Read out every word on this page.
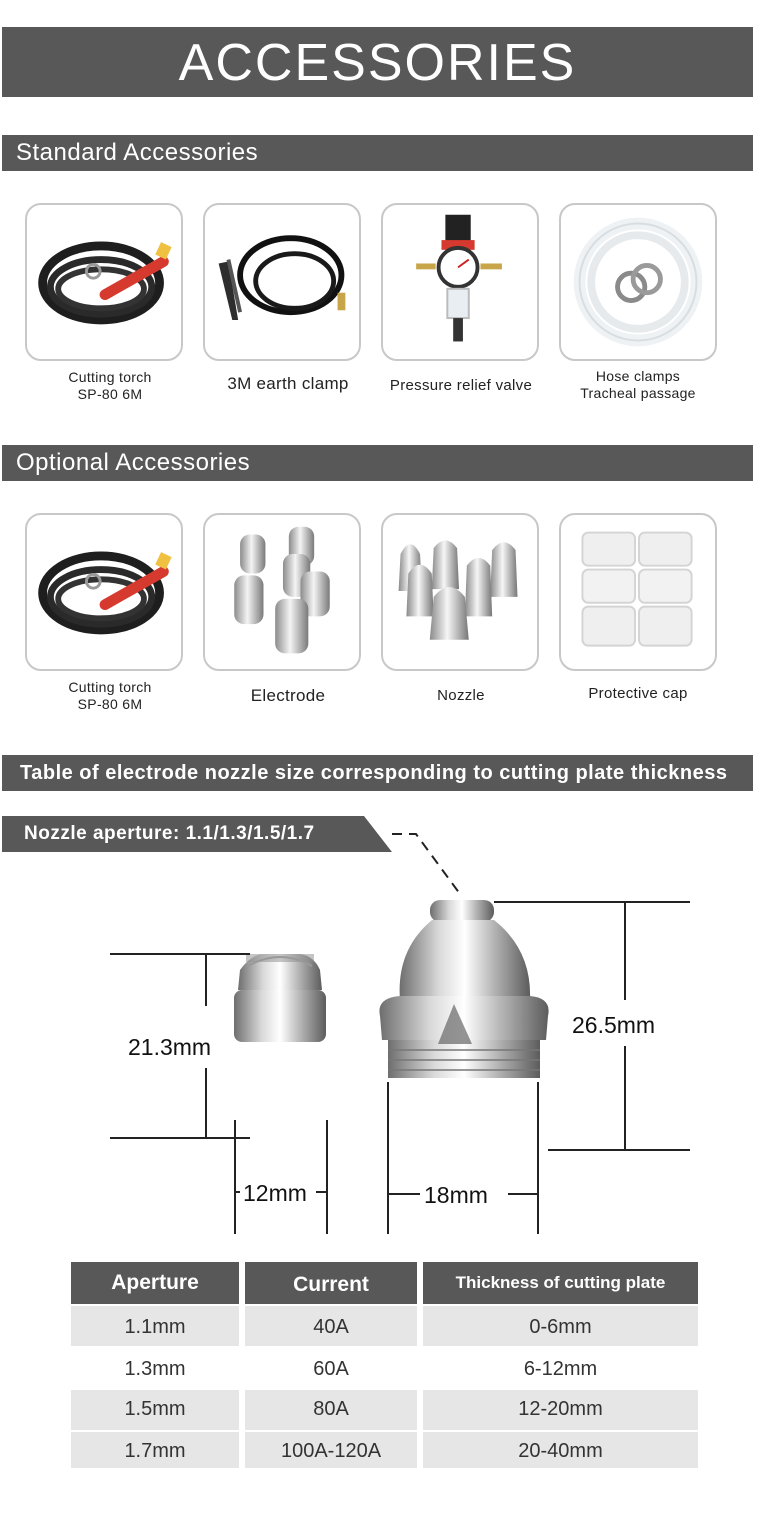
ACCESSORIES
Standard Accessories
Cutting torch
SP-80 6M
3M earth clamp	Pressure relief valve
Hose clamps
Tracheal passage
Optional Accessories
Cutting torch
SP-80 6M	Electrode	Nozzle	Protective cap
Table of electrode nozzle size corresponding to cutting plate thickness
Nozzle aperture: 1.1/1.3/1.5/1.7
21.3mm
12mm
26.5mm
18mm
Aperture	Current	Thickness of cutting plate
1.1mm	40A	0-6mm
1.3mm	60A	6-12mm
1.5mm	80A	12-20mm
1.7mm	100A-120A	20-40mm
